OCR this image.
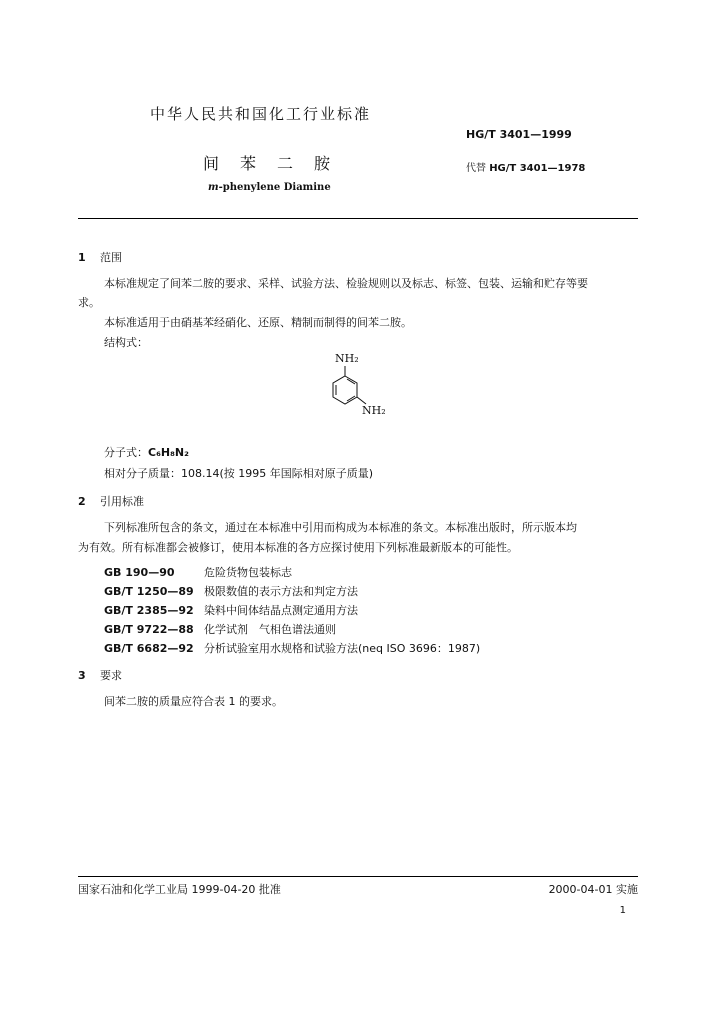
中华人民共和国化工行业标准
HG/T 3401—1999
间苯二胺	代替 HG/T 3401—1978
m-phenylene Diamine
1 范围
本标准规定了间苯二胺的要求、采样、试验方法、检验规则以及标志、标签、包装、运输和贮存等要
求。
本标准适用于由硝基苯经硝化、还原、精制而制得的间苯二胺。
结构式：
NH₂
NH₂
分子式：C₆H₈N₂
相对分子质量：108.14(按 1995 年国际相对原子质量)
2 引用标准
下列标准所包含的条文，通过在本标准中引用而构成为本标准的条文。本标准出版时，所示版本均
为有效。所有标准都会被修订，使用本标准的各方应探讨使用下列标准最新版本的可能性。
GB 190—90	危险货物包装标志
GB/T 1250—89 极限数值的表示方法和判定方法
GB/T 2385—92 染料中间体结晶点测定通用方法
GB/T 9722—88 化学试剂　气相色谱法通则
GB/T 6682—92 分析试验室用水规格和试验方法(neq ISO 3696：1987)
3 要求
间苯二胺的质量应符合表 1 的要求。
国家石油和化学工业局 1999-04-20 批准	2000-04-01 实施
1
